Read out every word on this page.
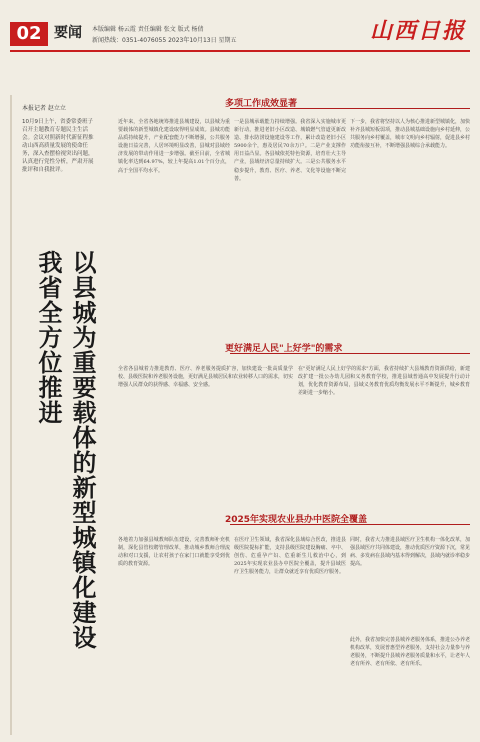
02 要闻 本版编辑 杨云霞 责任编辑 张文 版式 杨倩
新闻热线：0351-4076055 2023年10月13日 星期五	山西日报
本报记者 赵立立
10月9日上午，省委常委班子召开主题教育专题民主生活会。会议对照新时代新征程推动山西高质量发展的使命任务，深入查摆检视突出问题，认真进行党性分析，严肃开展批评和自我批评。
以县城为重要载体的新型城镇化建设
我省全方位推进
多项工作成效显著
近年来，全省各地统筹推进县城建设，以县城为重要载体的新型城镇化建设取得明显成效。县城功能品质持续提升，产业配套能力不断增强，公共服务设施日益完善，人居环境明显改善，县城对县域经济发展的带动作用进一步增强。截至目前，全省城镇化率达到64.97%，较上年提高1.01个百分点，高于全国平均水平。
一是县城承载能力持续增强。我省深入实施城市更新行动，推进老旧小区改造、城镇燃气管道更新改造、排水防涝设施建设等工作，累计改造老旧小区5900余个，惠及居民70余万户。二是产业支撑作用日益凸显。各县城依托特色资源，培育壮大主导产业，县域经济总量持续扩大。三是公共服务水平稳步提升，教育、医疗、养老、文化等设施不断完善。
下一步，我省将坚持以人为核心推进新型城镇化，加快补齐县城短板弱项，推动县城基础设施向乡村延伸，公共服务向乡村覆盖，城市文明向乡村辐射，促进县乡村功能衔接互补，不断增强县城综合承载能力。
更好满足人民"上好学"的需求
全省各县城着力推进教育、医疗、养老服务提质扩容，加快建设一批高质量学校、县级医院和养老服务设施，更好满足县城居民和农业转移人口的需求，切实增强人民群众的获得感、幸福感、安全感。
在"更好满足人民上好学的需求"方面，我省持续扩大县城教育资源供给，新建改扩建一批公办幼儿园和义务教育学校，推进县域普通高中发展提升行动计划，优化教育资源布局，县域义务教育优质均衡发展水平不断提升，城乡教育差距进一步缩小。
2025年实现农业县办中医院全覆盖
各地着力加强县城教师队伍建设，完善教师补充机制，深化县管校聘管理改革，推动城乡教师合理流动和对口支援，让农村孩子在家门口就能享受到优质的教育资源。
在医疗卫生领域，我省深化县域综合医改，推进县级医院提标扩能，支持县级医院建设胸痛、卒中、创伤、危重孕产妇、危重新生儿救治中心，到2025年实现农业县办中医院全覆盖，提升县域医疗卫生服务能力，让群众就近享有优质医疗服务。
同时，我省大力推进县域医疗卫生机构一体化改革，加强县域医疗共同体建设，推动优质医疗资源下沉，常见病、多发病在县域内基本得到解决，县域内就诊率稳步提高。
此外，我省加快完善县城养老服务体系，推进公办养老机构改革，发展普惠型养老服务，支持社会力量参与养老服务，不断提升县城养老服务质量和水平，让老年人老有所养、老有所依、老有所乐。
